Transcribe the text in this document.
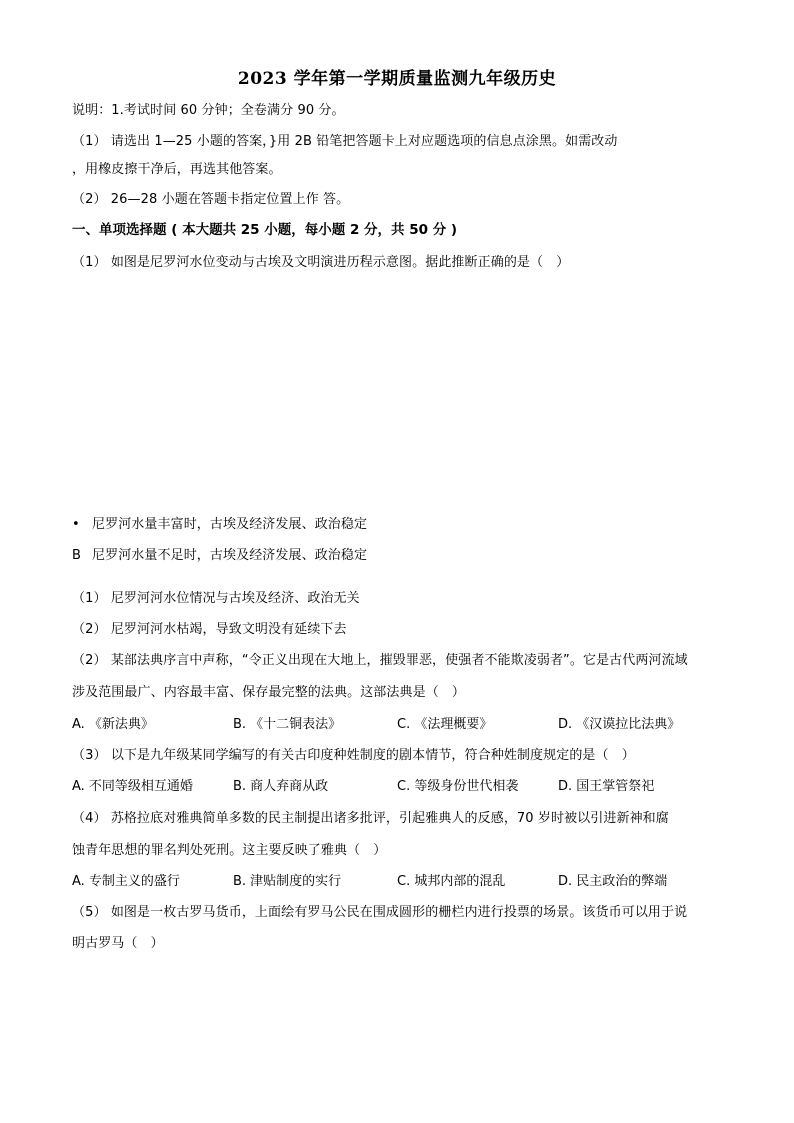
2023 学年第一学期质量监测九年级历史
说明：1.考试时间 60 分钟；全卷满分 90 分。
（1） 请选出 1—25 小题的答案，}用 2B 铅笔把答题卡上对应题选项的信息点涂黑。如需改动
，用橡皮擦干净后，再选其他答案。
（2） 26—28 小题在答题卡指定位置上作 答。
一、单项选择题 ( 本大题共 25 小题，每小题 2 分，共 50 分 )
（1） 如图是尼罗河水位变动与古埃及文明演进历程示意图。据此推断正确的是（　）
• 尼罗河水量丰富时，古埃及经济发展、政治稳定
B 尼罗河水量不足时，古埃及经济发展、政治稳定
（1） 尼罗河河水位情况与古埃及经济、政治无关
（2） 尼罗河河水枯竭，导致文明没有延续下去
（2） 某部法典序言中声称，“令正义出现在大地上，摧毁罪恶，使强者不能欺凌弱者”。它是古代两河流域
涉及范围最广、内容最丰富、保存最完整的法典。这部法典是（　）
A. 《新法典》	B. 《十二铜表法》	C. 《法理概要》	D. 《汉谟拉比法典》
（3） 以下是九年级某同学编写的有关古印度种姓制度的剧本情节，符合种姓制度规定的是（　）
A. 不同等级相互通婚	B. 商人弃商从政	C. 等级身份世代相袭	D. 国王掌管祭祀
（4） 苏格拉底对雅典简单多数的民主制提出诸多批评，引起雅典人的反感，70 岁时被以引进新神和腐
蚀青年思想的罪名判处死刑。这主要反映了雅典（　）
A. 专制主义的盛行	B. 津贴制度的实行	C. 城邦内部的混乱	D. 民主政治的弊端
（5） 如图是一枚古罗马货币，上面绘有罗马公民在围成圆形的栅栏内进行投票的场景。该货币可以用于说
明古罗马（　）
